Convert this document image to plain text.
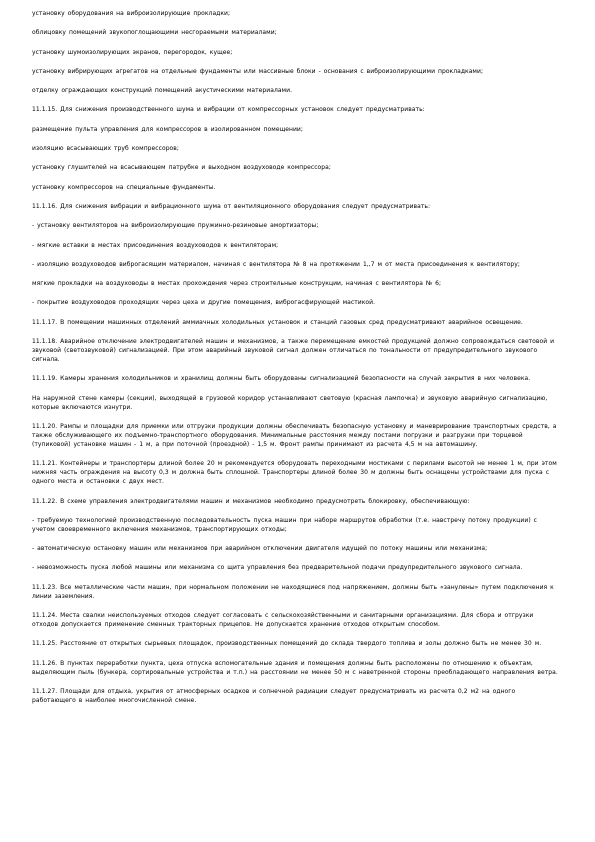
установку оборудования на виброизолирующие прокладки;

облицовку помещений звукопоглощающими несгораемыми материалами;

установку шумоизолирующих экранов, перегородок, кущее;

установку вибрирующих агрегатов на отдельные фундаменты или массивные блоки - основания с виброизолирующими прокладками;

отделку ограждающих конструкций помещений акустическими материалами.

11.1.15. Для снижения производственного шума и вибрации от компрессорных установок следует предусматривать:

размещение пульта управления для компрессоров в изолированном помещении;

изоляцию всасывающих труб компрессоров;

установку глушителей на всасывающем патрубке и выходном воздуховоде компрессора;

установку компрессоров на специальные фундаменты.

11.1.16. Для снижения вибрации и вибрационного шума от вентиляционного оборудования следует предусматривать:

- установку вентиляторов на виброизолирующие пружинно-резиновые амортизаторы;

- мягкие вставки в местах присоединения воздуховодов к вентиляторам;

- изоляцию воздуховодов виброгасящим материалом, начиная с вентилятора № 8 на протяжении 1,,7 м от места присоединения к вентилятору;

мягкие прокладки на воздуховоды в местах прохождения через строительные конструкции, начиная с вентилятора № 6;

- покрытие воздуховодов проходящих через цеха и другие помещения, виброгасфирующей мастикой.

11.1.17. В помещении машинных отделений аммиачных холодильных установок и станций газовых сред предусматривают аварийное освещение.

11.1.18. Аварийное отключение электродвигателей машин и механизмов, а также перемещение емкостей продукцией должно сопровождаться световой и звуковой (светозвуковой) сигнализацией. При этом аварийный звуковой сигнал должен отличаться по тональности от предупредительного звукового сигнала.

11.1.19. Камеры хранения холодильников и хранилищ должны быть оборудованы сигнализацией безопасности на случай закрытия в них человека.

На наружной стене камеры (секции), выходящей в грузовой коридор устанавливают световую (красная лампочка) и звуковую аварийную сигнализацию, которые включаются изнутри.

11.1.20. Рампы и площадки для приемки или отгрузки продукции должны обеспечивать безопасную установку и маневрирование транспортных средств, а также обслуживающего их подъемно-транспортного оборудования. Минимальные расстояния между постами погрузки и разгрузки при торцевой (тупиковой) установке машин - 1 м, а при поточной (проездной) - 1,5 м. Фронт рампы принимают из расчета 4,5 м на автомашину.

11.1.21. Контейнеры и транспортеры длиной более 20 м рекомендуется оборудовать переходными мостиками с перилами высотой не менее 1 м, при этом нижняя часть ограждения на высоту 0,3 м должна быть сплошной. Транспортеры длиной более 30 м должны быть оснащены устройствами для пуска с одного места и остановки с двух мест.

11.1.22. В схеме управления электродвигателями машин и механизмов необходимо предусмотреть блокировку, обеспечивающую:

- требуемую технологией производственную последовательность пуска машин при наборе маршрутов обработки (т.е. навстречу потоку продукции) с учетом своевременного включения механизмов, транспортирующих отходы;

- автоматическую остановку машин или механизмов при аварийном отключении двигателя идущей по потоку машины или механизма;

- невозможность пуска любой машины или механизма со щита управления без предварительной подачи предупредительного звукового сигнала.

11.1.23. Все металлические части машин, при нормальном положении не находящиеся под напряжением, должны быть «занулены» путем подключения к линии заземления.

11.1.24. Места свалки неиспользуемых отходов следует согласовать с сельскохозяйственными и санитарными организациями. Для сбора и отгрузки отходов допускается применение сменных тракторных прицепов. Не допускается хранение отходов открытым способом.

11.1.25. Расстояние от открытых сырьевых площадок, производственных помещений до склада твердого топлива и золы должно быть не менее 30 м.

11.1.26. В пунктах переработки пункта, цеха отпуска вспомогательные здания и помещения должны быть расположены по отношению к объектам, выделяющим пыль (бункера, сортировальные устройства и т.п.) на расстоянии не менее 50 м с наветренной стороны преобладающего направления ветра.

11.1.27. Площади для отдыха, укрытия от атмосферных осадков и солнечной радиации следует предусматривать из расчета 0,2 м2 на одного работающего в наиболее многочисленной смене.
